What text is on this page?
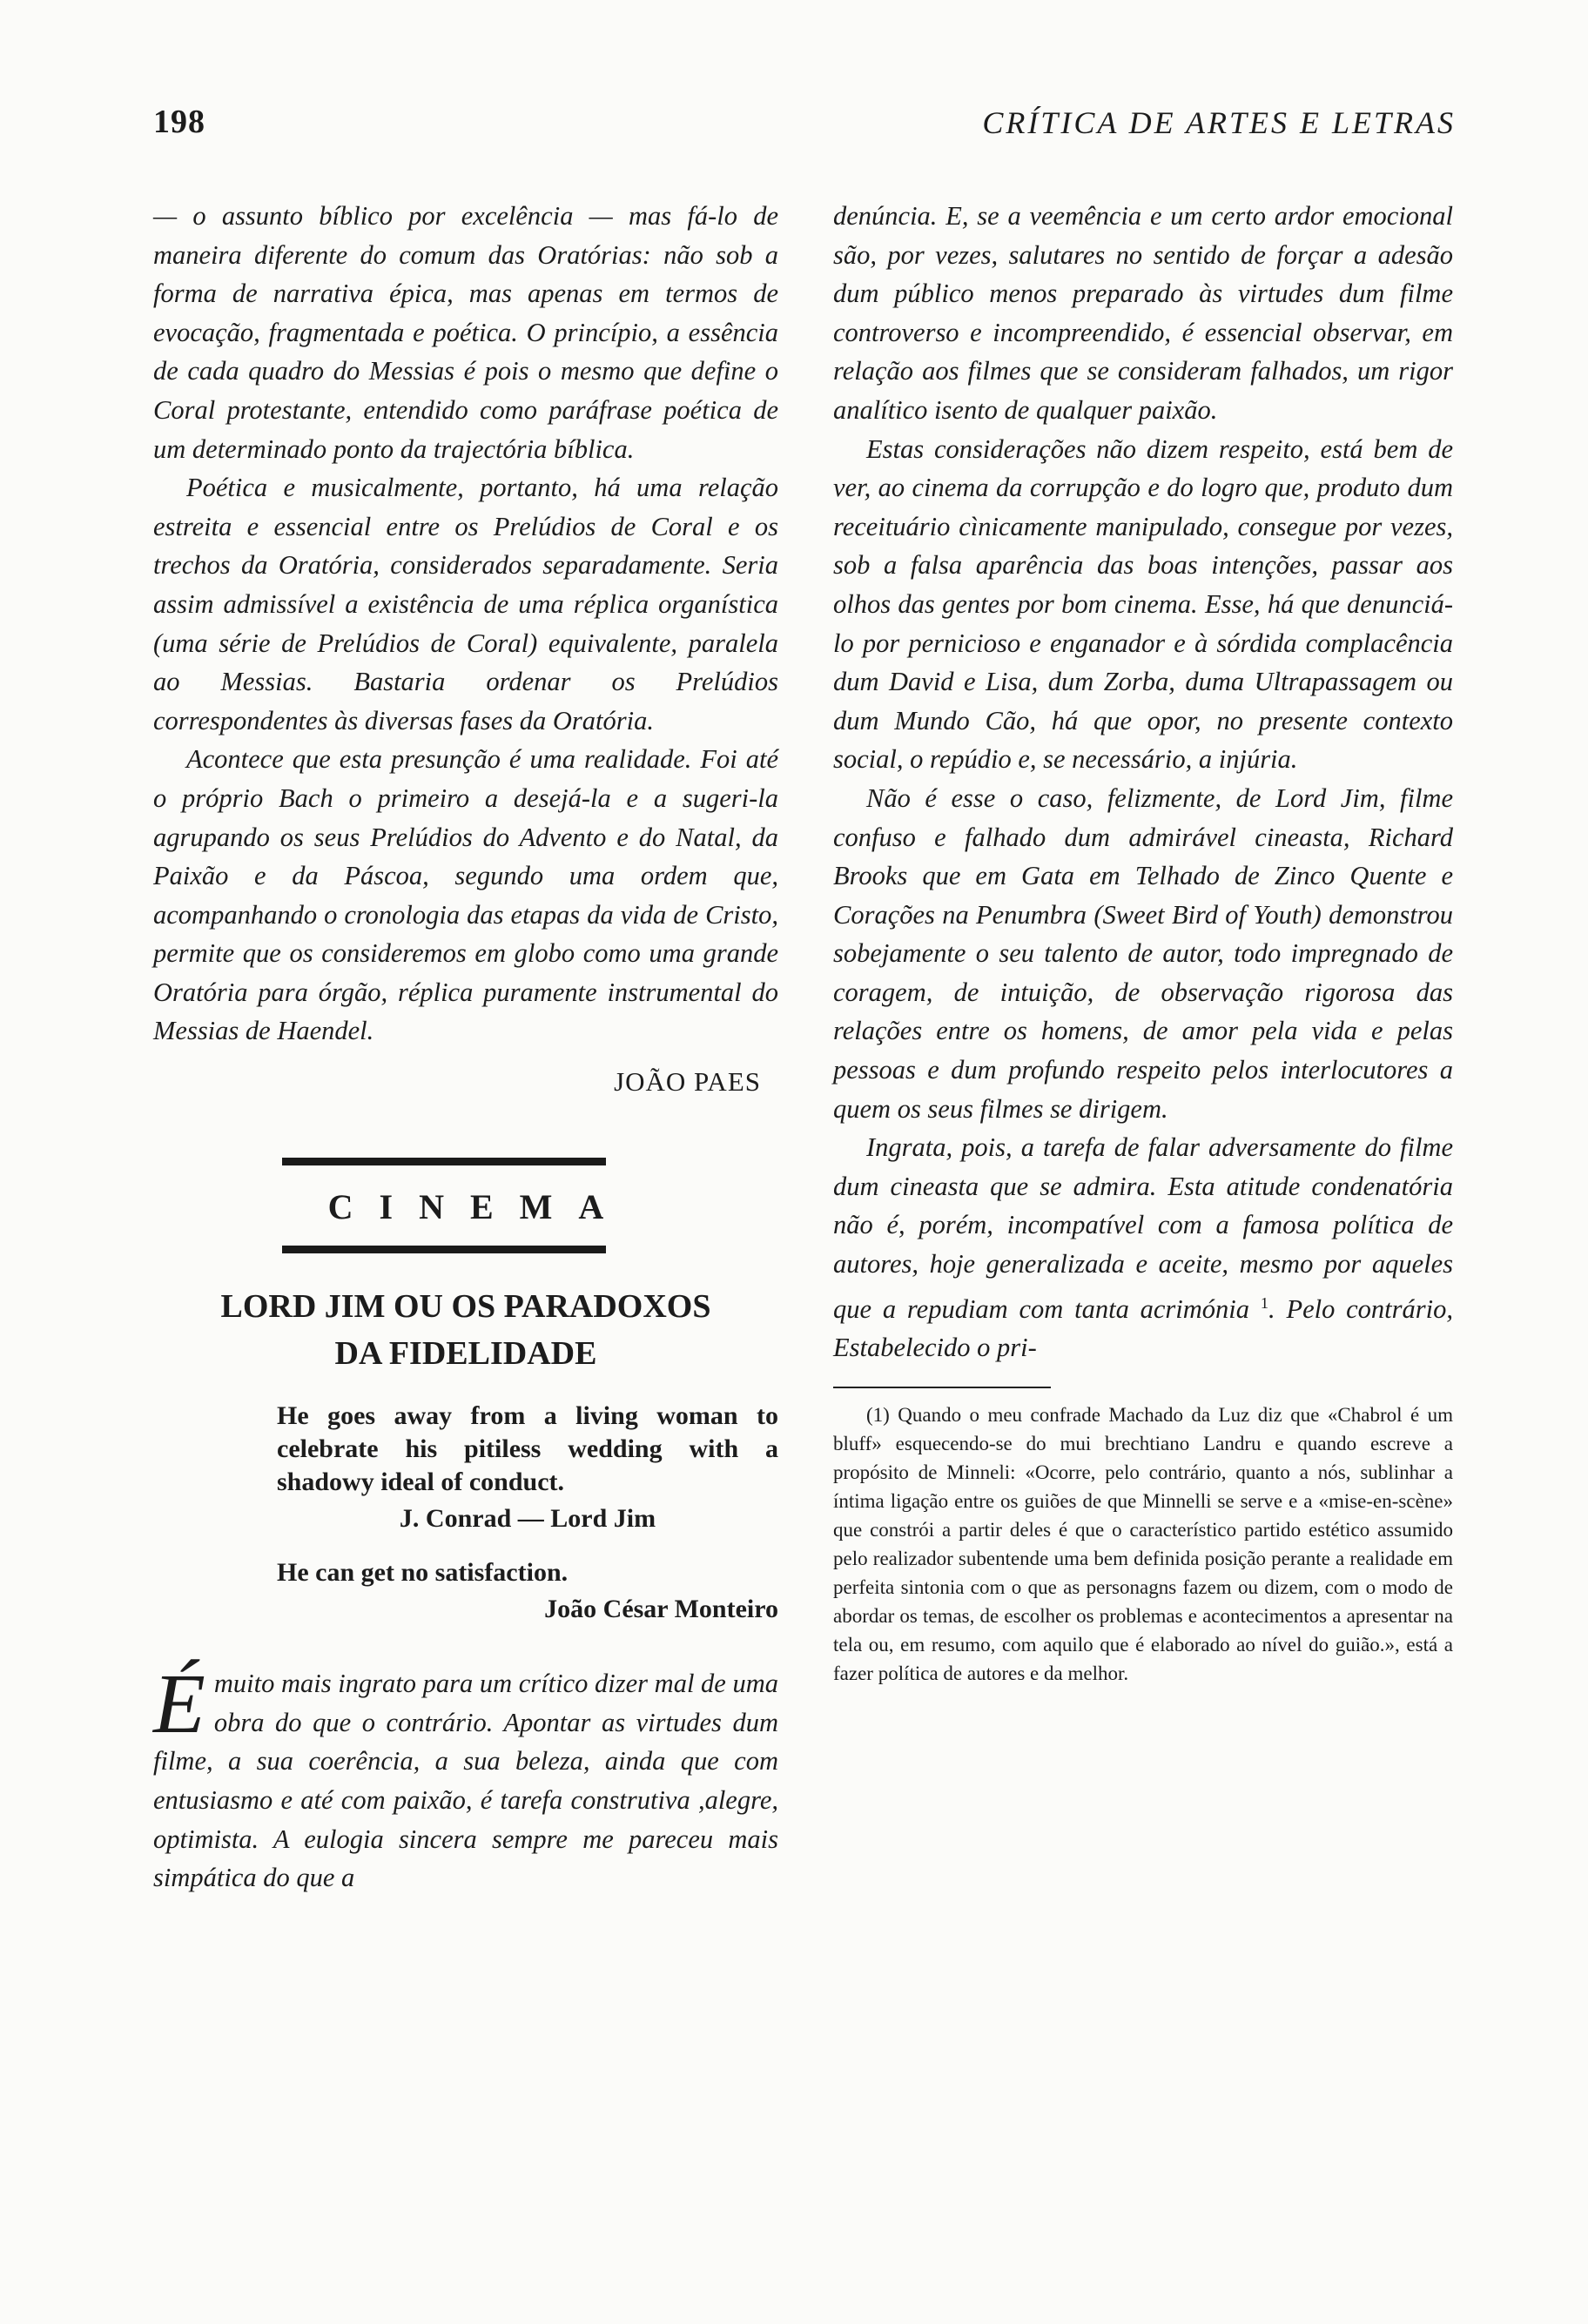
198	CRÍTICA DE ARTES E LETRAS

— o assunto bíblico por excelência — mas fá-lo de maneira diferente do comum das Oratórias: não sob a forma de narrativa épica, mas apenas em termos de evocação, fragmentada e poética. O princípio, a essência de cada quadro do Messias é pois o mesmo que define o Coral protestante, entendido como paráfrase poética de um determinado ponto da trajectória bíblica.

Poética e musicalmente, portanto, há uma relação estreita e essencial entre os Prelúdios de Coral e os trechos da Oratória, considerados separadamente. Seria assim admissível a existência de uma réplica organística (uma série de Prelúdios de Coral) equivalente, paralela ao Messias. Bastaria ordenar os Prelúdios correspondentes às diversas fases da Oratória.

Acontece que esta presunção é uma realidade. Foi até o próprio Bach o primeiro a desejá-la e a sugeri-la agrupando os seus Prelúdios do Advento e do Natal, da Paixão e da Páscoa, segundo uma ordem que, acompanhando o cronologia das etapas da vida de Cristo, permite que os consideremos em globo como uma grande Oratória para órgão, réplica puramente instrumental do Messias de Haendel.

JOÃO PAES
CINEMA
LORD JIM OU OS PARADOXOS
DA FIDELIDADE
He goes away from a living woman to celebrate his pitiless wedding with a shadowy ideal of conduct.
J. Conrad — Lord Jim
He can get no satisfaction.
João César Monteiro
É muito mais ingrato para um crítico dizer mal de uma obra do que o contrário. Apontar as virtudes dum filme, a sua coerência, a sua beleza, ainda que com entusiasmo e até com paixão, é tarefa construtiva ,alegre, optimista. A eulogia sincera sempre me pareceu mais simpática do que a

denúncia. E, se a veemência e um certo ardor emocional são, por vezes, salutares no sentido de forçar a adesão dum público menos preparado às virtudes dum filme controverso e incompreendido, é essencial observar, em relação aos filmes que se consideram falhados, um rigor analítico isento de qualquer paixão.

Estas considerações não dizem respeito, está bem de ver, ao cinema da corrupção e do logro que, produto dum receituário cìnicamente manipulado, consegue por vezes, sob a falsa aparência das boas intenções, passar aos olhos das gentes por bom cinema. Esse, há que denunciá-lo por pernicioso e enganador e à sórdida complacência dum David e Lisa, dum Zorba, duma Ultrapassagem ou dum Mundo Cão, há que opor, no presente contexto social, o repúdio e, se necessário, a injúria.

Não é esse o caso, felizmente, de Lord Jim, filme confuso e falhado dum admirável cineasta, Richard Brooks que em Gata em Telhado de Zinco Quente e Corações na Penumbra (Sweet Bird of Youth) demonstrou sobejamente o seu talento de autor, todo impregnado de coragem, de intuição, de observação rigorosa das relações entre os homens, de amor pela vida e pelas pessoas e dum profundo respeito pelos interlocutores a quem os seus filmes se dirigem.

Ingrata, pois, a tarefa de falar adversamente do filme dum cineasta que se admira. Esta atitude condenatória não é, porém, incompatível com a famosa política de autores, hoje generalizada e aceite, mesmo por aqueles que a repudiam com tanta acrimónia $^1$. Pelo contrário, Estabelecido o pri-

(1) Quando o meu confrade Machado da Luz diz que «Chabrol é um bluff» esquecendo-se do mui brechtiano Landru e quando escreve a propósito de Minneli: «Ocorre, pelo contrário, quanto a nós, sublinhar a íntima ligação entre os guiões de que Minnelli se serve e a «mise-en-scène» que constrói a partir deles é que o característico partido estético assumido pelo realizador subentende uma bem definida posição perante a realidade em perfeita sintonia com o que as personagns fazem ou dizem, com o modo de abordar os temas, de escolher os problemas e acontecimentos a apresentar na tela ou, em resumo, com aquilo que é elaborado ao nível do guião.», está a fazer política de autores e da melhor.
